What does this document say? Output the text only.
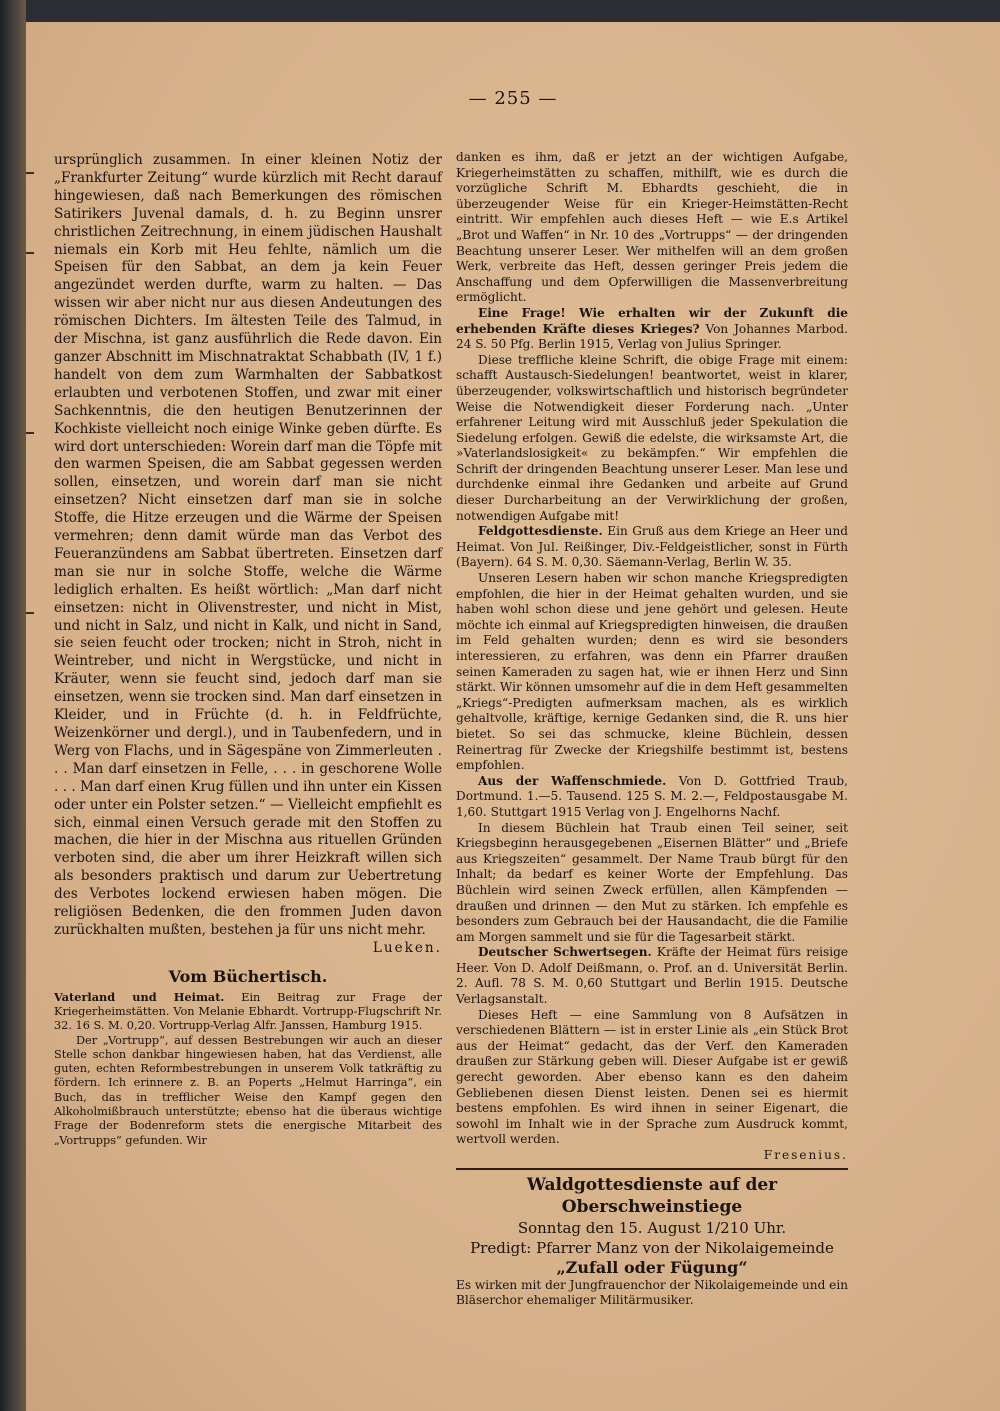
— 255 —

ursprünglich zusammen. In einer kleinen Notiz der „Frankfurter Zeitung“ wurde kürzlich mit Recht darauf hingewiesen, daß nach Bemerkungen des römischen Satirikers Juvenal damals, d. h. zu Beginn unsrer christlichen Zeitrechnung, in einem jüdischen Haushalt niemals ein Korb mit Heu fehlte, nämlich um die Speisen für den Sabbat, an dem ja kein Feuer angezündet werden durfte, warm zu halten. — Das wissen wir aber nicht nur aus diesen Andeutungen des römischen Dichters. Im ältesten Teile des Talmud, in der Mischna, ist ganz ausführlich die Rede davon. Ein ganzer Abschnitt im Mischnatraktat Schabbath (IV, 1 f.) handelt von dem zum Warmhalten der Sabbatkost erlaubten und verbotenen Stoffen, und zwar mit einer Sachkenntnis, die den heutigen Benutzerinnen der Kochkiste vielleicht noch einige Winke geben dürfte. Es wird dort unterschieden: Worein darf man die Töpfe mit den warmen Speisen, die am Sabbat gegessen werden sollen, einsetzen, und worein darf man sie nicht einsetzen? Nicht einsetzen darf man sie in solche Stoffe, die Hitze erzeugen und die Wärme der Speisen vermehren; denn damit würde man das Verbot des Feueranzündens am Sabbat übertreten. Einsetzen darf man sie nur in solche Stoffe, welche die Wärme lediglich erhalten. Es heißt wörtlich: „Man darf nicht einsetzen: nicht in Olivenstrester, und nicht in Mist, und nicht in Salz, und nicht in Kalk, und nicht in Sand, sie seien feucht oder trocken; nicht in Stroh, nicht in Weintreber, und nicht in Wergstücke, und nicht in Kräuter, wenn sie feucht sind, jedoch darf man sie einsetzen, wenn sie trocken sind. Man darf einsetzen in Kleider, und in Früchte (d. h. in Feldfrüchte, Weizenkörner und dergl.), und in Taubenfedern, und in Werg von Flachs, und in Sägespäne von Zimmerleuten . . . Man darf einsetzen in Felle, . . . in geschorene Wolle . . . Man darf einen Krug füllen und ihn unter ein Kissen oder unter ein Polster setzen.“ — Vielleicht empfiehlt es sich, einmal einen Versuch gerade mit den Stoffen zu machen, die hier in der Mischna aus rituellen Gründen verboten sind, die aber um ihrer Heizkraft willen sich als besonders praktisch und darum zur Uebertretung des Verbotes lockend erwiesen haben mögen. Die religiösen Bedenken, die den frommen Juden davon zurückhalten mußten, bestehen ja für uns nicht mehr.

Lueken.

Vom Büchertisch.

Vaterland und Heimat. Ein Beitrag zur Frage der Kriegerheimstätten. Von Melanie Ebhardt. Vortrupp-Flugschrift Nr. 32. 16 S. M. 0,20. Vortrupp-Verlag Alfr. Janssen, Hamburg 1915.

Der „Vortrupp“, auf dessen Bestrebungen wir auch an dieser Stelle schon dankbar hingewiesen haben, hat das Verdienst, alle guten, echten Reformbestrebungen in unserem Volk tatkräftig zu fördern. Ich erinnere z. B. an Poperts „Helmut Harringa“, ein Buch, das in trefflicher Weise den Kampf gegen den Alkoholmißbrauch unterstützte; ebenso hat die überaus wichtige Frage der Bodenreform stets die energische Mitarbeit des „Vortrupps“ gefunden. Wir

danken es ihm, daß er jetzt an der wichtigen Aufgabe, Kriegerheimstätten zu schaffen, mithilft, wie es durch die vorzügliche Schrift M. Ebhardts geschieht, die in überzeugender Weise für ein Krieger-Heimstätten-Recht eintritt. Wir empfehlen auch dieses Heft — wie E.s Artikel „Brot und Waffen“ in Nr. 10 des „Vortrupps“ — der dringenden Beachtung unserer Leser. Wer mithelfen will an dem großen Werk, verbreite das Heft, dessen geringer Preis jedem die Anschaffung und dem Opferwilligen die Massenverbreitung ermöglicht.

Eine Frage! Wie erhalten wir der Zukunft die erhebenden Kräfte dieses Krieges? Von Johannes Marbod. 24 S. 50 Pfg. Berlin 1915, Verlag von Julius Springer.

Diese treffliche kleine Schrift, die obige Frage mit einem: schafft Austausch-Siedelungen! beantwortet, weist in klarer, überzeugender, volkswirtschaftlich und historisch begründeter Weise die Notwendigkeit dieser Forderung nach. „Unter erfahrener Leitung wird mit Ausschluß jeder Spekulation die Siedelung erfolgen. Gewiß die edelste, die wirksamste Art, die »Vaterlandslosigkeit« zu bekämpfen.“ Wir empfehlen die Schrift der dringenden Beachtung unserer Leser. Man lese und durchdenke einmal ihre Gedanken und arbeite auf Grund dieser Durcharbeitung an der Verwirklichung der großen, notwendigen Aufgabe mit!

Feldgottesdienste. Ein Gruß aus dem Kriege an Heer und Heimat. Von Jul. Reißinger, Div.-Feldgeistlicher, sonst in Fürth (Bayern). 64 S. M. 0,30. Säemann-Verlag, Berlin W. 35.

Unseren Lesern haben wir schon manche Kriegspredigten empfohlen, die hier in der Heimat gehalten wurden, und sie haben wohl schon diese und jene gehört und gelesen. Heute möchte ich einmal auf Kriegspredigten hinweisen, die draußen im Feld gehalten wurden; denn es wird sie besonders interessieren, zu erfahren, was denn ein Pfarrer draußen seinen Kameraden zu sagen hat, wie er ihnen Herz und Sinn stärkt. Wir können umsomehr auf die in dem Heft gesammelten „Kriegs“-Predigten aufmerksam machen, als es wirklich gehaltvolle, kräftige, kernige Gedanken sind, die R. uns hier bietet. So sei das schmucke, kleine Büchlein, dessen Reinertrag für Zwecke der Kriegshilfe bestimmt ist, bestens empfohlen.

Aus der Waffenschmiede. Von D. Gottfried Traub, Dortmund. 1.—5. Tausend. 125 S. M. 2.—, Feldpostausgabe M. 1,60. Stuttgart 1915 Verlag von J. Engelhorns Nachf.

In diesem Büchlein hat Traub einen Teil seiner, seit Kriegsbeginn herausgegebenen „Eisernen Blätter“ und „Briefe aus Kriegszeiten“ gesammelt. Der Name Traub bürgt für den Inhalt; da bedarf es keiner Worte der Empfehlung. Das Büchlein wird seinen Zweck erfüllen, allen Kämpfenden — draußen und drinnen — den Mut zu stärken. Ich empfehle es besonders zum Gebrauch bei der Hausandacht, die die Familie am Morgen sammelt und sie für die Tagesarbeit stärkt.

Deutscher Schwertsegen. Kräfte der Heimat fürs reisige Heer. Von D. Adolf Deißmann, o. Prof. an d. Universität Berlin. 2. Aufl. 78 S. M. 0,60 Stuttgart und Berlin 1915. Deutsche Verlagsanstalt.

Dieses Heft — eine Sammlung von 8 Aufsätzen in verschiedenen Blättern — ist in erster Linie als „ein Stück Brot aus der Heimat“ gedacht, das der Verf. den Kameraden draußen zur Stärkung geben will. Dieser Aufgabe ist er gewiß gerecht geworden. Aber ebenso kann es den daheim Gebliebenen diesen Dienst leisten. Denen sei es hiermit bestens empfohlen. Es wird ihnen in seiner Eigenart, die sowohl im Inhalt wie in der Sprache zum Ausdruck kommt, wertvoll werden.

Fresenius.

Waldgottesdienste auf der Oberschweinstiege
Sonntag den 15. August 1/210 Uhr.
Predigt: Pfarrer Manz von der Nikolaigemeinde
„Zufall oder Fügung“

Es wirken mit der Jungfrauenchor der Nikolaigemeinde und ein Bläserchor ehemaliger Militärmusiker.
